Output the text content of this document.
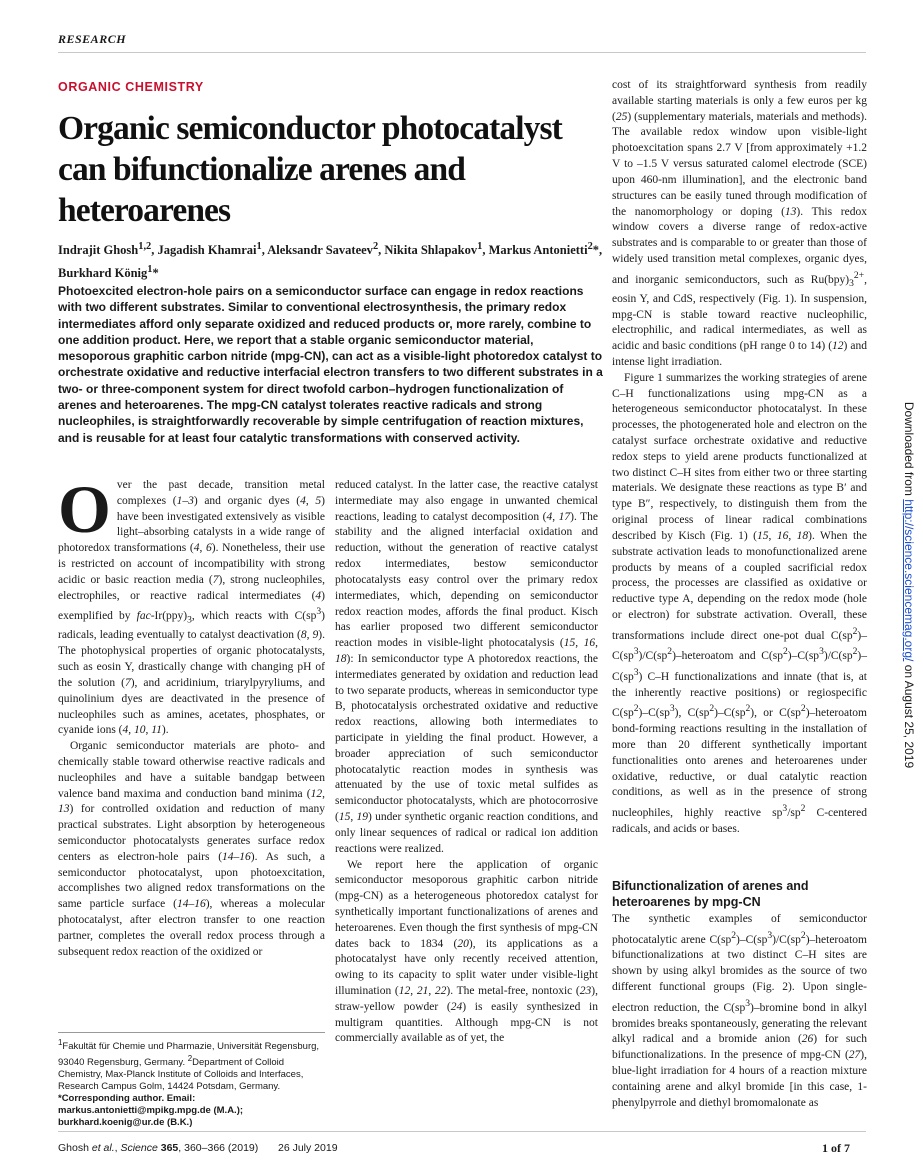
RESEARCH
ORGANIC CHEMISTRY
Organic semiconductor photocatalyst can bifunctionalize arenes and heteroarenes
Indrajit Ghosh$^{1,2}$, Jagadish Khamrai$^1$, Aleksandr Savateev$^2$, Nikita Shlapakov$^1$, Markus Antonietti$^2$*, Burkhard König$^1$*
Photoexcited electron-hole pairs on a semiconductor surface can engage in redox reactions with two different substrates. Similar to conventional electrosynthesis, the primary redox intermediates afford only separate oxidized and reduced products or, more rarely, combine to one addition product. Here, we report that a stable organic semiconductor material, mesoporous graphitic carbon nitride (mpg-CN), can act as a visible-light photoredox catalyst to orchestrate oxidative and reductive interfacial electron transfers to two different substrates in a two- or three-component system for direct twofold carbon–hydrogen functionalization of arenes and heteroarenes. The mpg-CN catalyst tolerates reactive radicals and strong nucleophiles, is straightforwardly recoverable by simple centrifugation of reaction mixtures, and is reusable for at least four catalytic transformations with conserved activity.

Over the past decade, transition metal complexes (1–3) and organic dyes (4, 5) have been investigated extensively as visible light–absorbing catalysts in a wide range of photoredox transformations (4, 6). Nonetheless, their use is restricted on account of incompatibility with strong acidic or basic reaction media (7), strong nucleophiles, electrophiles, or reactive radical intermediates (4) exemplified by fac-$Ir(ppy)_3$, which reacts with $C(sp^3)$ radicals, leading eventually to catalyst deactivation (8, 9). The photophysical properties of organic photocatalysts, such as eosin Y, drastically change with changing pH of the solution (7), and acridinium, triarylpyryliums, and quinolinium dyes are deactivated in the presence of nucleophiles such as amines, acetates, phosphates, or cyanide ions (4, 10, 11).

Organic semiconductor materials are photo- and chemically stable toward otherwise reactive radicals and nucleophiles and have a suitable bandgap between valence band maxima and conduction band minima (12, 13) for controlled oxidation and reduction of many practical substrates. Light absorption by heterogeneous semiconductor photocatalysts generates surface redox centers as electron-hole pairs (14–16). As such, a semiconductor photocatalyst, upon photoexcitation, accomplishes two aligned redox transformations on the same particle surface (14–16), whereas a molecular photocatalyst, after electron transfer to one reaction partner, completes the overall redox process through a subsequent redox reaction of the oxidized or

reduced catalyst. In the latter case, the reactive catalyst intermediate may also engage in unwanted chemical reactions, leading to catalyst decomposition (4, 17). The stability and the aligned interfacial oxidation and reduction, without the generation of reactive catalyst redox intermediates, bestow semiconductor photocatalysts easy control over the primary redox intermediates, which, depending on semiconductor redox reaction modes, affords the final product. Kisch has earlier proposed two different semiconductor reaction modes in visible-light photocatalysis (15, 16, 18): In semiconductor type A photoredox reactions, the intermediates generated by oxidation and reduction lead to two separate products, whereas in semiconductor type B, photocatalysis orchestrated oxidative and reductive redox reactions, allowing both intermediates to participate in yielding the final product. However, a broader appreciation of such semiconductor photocatalytic reaction modes in synthesis was attenuated by the use of toxic metal sulfides as semiconductor photocatalysts, which are photocorrosive (15, 19) under synthetic organic reaction conditions, and only linear sequences of radical or radical ion addition reactions were realized.

We report here the application of organic semiconductor mesoporous graphitic carbon nitride (mpg-CN) as a heterogeneous photoredox catalyst for synthetically important functionalizations of arenes and heteroarenes. Even though the first synthesis of mpg-CN dates back to 1834 (20), its applications as a photocatalyst have only recently received attention, owing to its capacity to split water under visible-light illumination (12, 21, 22). The metal-free, nontoxic (23), straw-yellow powder (24) is easily synthesized in multigram quantities. Although mpg-CN is not commercially available as of yet, the

cost of its straightforward synthesis from readily available starting materials is only a few euros per kg (25) (supplementary materials, materials and methods). The available redox window upon visible-light photoexcitation spans 2.7 V [from approximately +1.2 V to –1.5 V versus saturated calomel electrode (SCE) upon 460-nm illumination], and the electronic band structures can be easily tuned through modification of the nanomorphology or doping (13). This redox window covers a diverse range of redox-active substrates and is comparable to or greater than those of widely used transition metal complexes, organic dyes, and inorganic semiconductors, such as $Ru(bpy)_3^{2+}$, eosin Y, and CdS, respectively (Fig. 1). In suspension, mpg-CN is stable toward reactive nucleophilic, electrophilic, and radical intermediates, as well as acidic and basic conditions (pH range 0 to 14) (12) and intense light irradiation.

Figure 1 summarizes the working strategies of arene C–H functionalizations using mpg-CN as a heterogeneous semiconductor photocatalyst. In these processes, the photogenerated hole and electron on the catalyst surface orchestrate oxidative and reductive redox steps to yield arene products functionalized at two distinct C–H sites from either two or three starting materials. We designate these reactions as type B′ and type B″, respectively, to distinguish them from the original process of linear radical combinations described by Kisch (Fig. 1) (15, 16, 18). When the substrate activation leads to monofunctionalized arene products by means of a coupled sacrificial redox process, the processes are classified as oxidative or reductive type A, depending on the redox mode (hole or electron) for substrate activation. Overall, these transformations include direct one-pot dual $C(sp^2)-C(sp^3)/C(sp^2)$–heteroatom and $C(sp^2)-C(sp^3)/C(sp^2)-C(sp^3)$ C–H functionalizations and innate (that is, at the inherently reactive positions) or regiospecific $C(sp^2)-C(sp^3)$, $C(sp^2)-C(sp^2)$, or $C(sp^2)$–heteroatom bond-forming reactions resulting in the installation of more than 20 different synthetically important functionalities onto arenes and heteroarenes under oxidative, reductive, or dual catalytic reaction conditions, as well as in the presence of strong nucleophiles, highly reactive $sp^3/sp^2$ C-centered radicals, and acids or bases.

Bifunctionalization of arenes and heteroarenes by mpg-CN

The synthetic examples of semiconductor photocatalytic arene $C(sp^2)-C(sp^3)/C(sp^2)$–heteroatom bifunctionalizations at two distinct C–H sites are shown by using alkyl bromides as the source of two different functional groups (Fig. 2). Upon single-electron reduction, the $C(sp^3)$–bromine bond in alkyl bromides breaks spontaneously, generating the relevant alkyl radical and a bromide anion (26) for such bifunctionalizations. In the presence of mpg-CN (27), blue-light irradiation for 4 hours of a reaction mixture containing arene and alkyl bromide [in this case, 1-phenylpyrrole and diethyl bromomalonate as

$^1$Fakultät für Chemie und Pharmazie, Universität Regensburg, 93040 Regensburg, Germany. $^2$Department of Colloid Chemistry, Max-Planck Institute of Colloids and Interfaces, Research Campus Golm, 14424 Potsdam, Germany.
*Corresponding author. Email: markus.antonietti@mpikg.mpg.de (M.A.); burkhard.koenig@ur.de (B.K.)
Ghosh et al., Science 365, 360–366 (2019) 26 July 2019	1 of 7
Downloaded from http://science.sciencemag.org/ on August 25, 2019
